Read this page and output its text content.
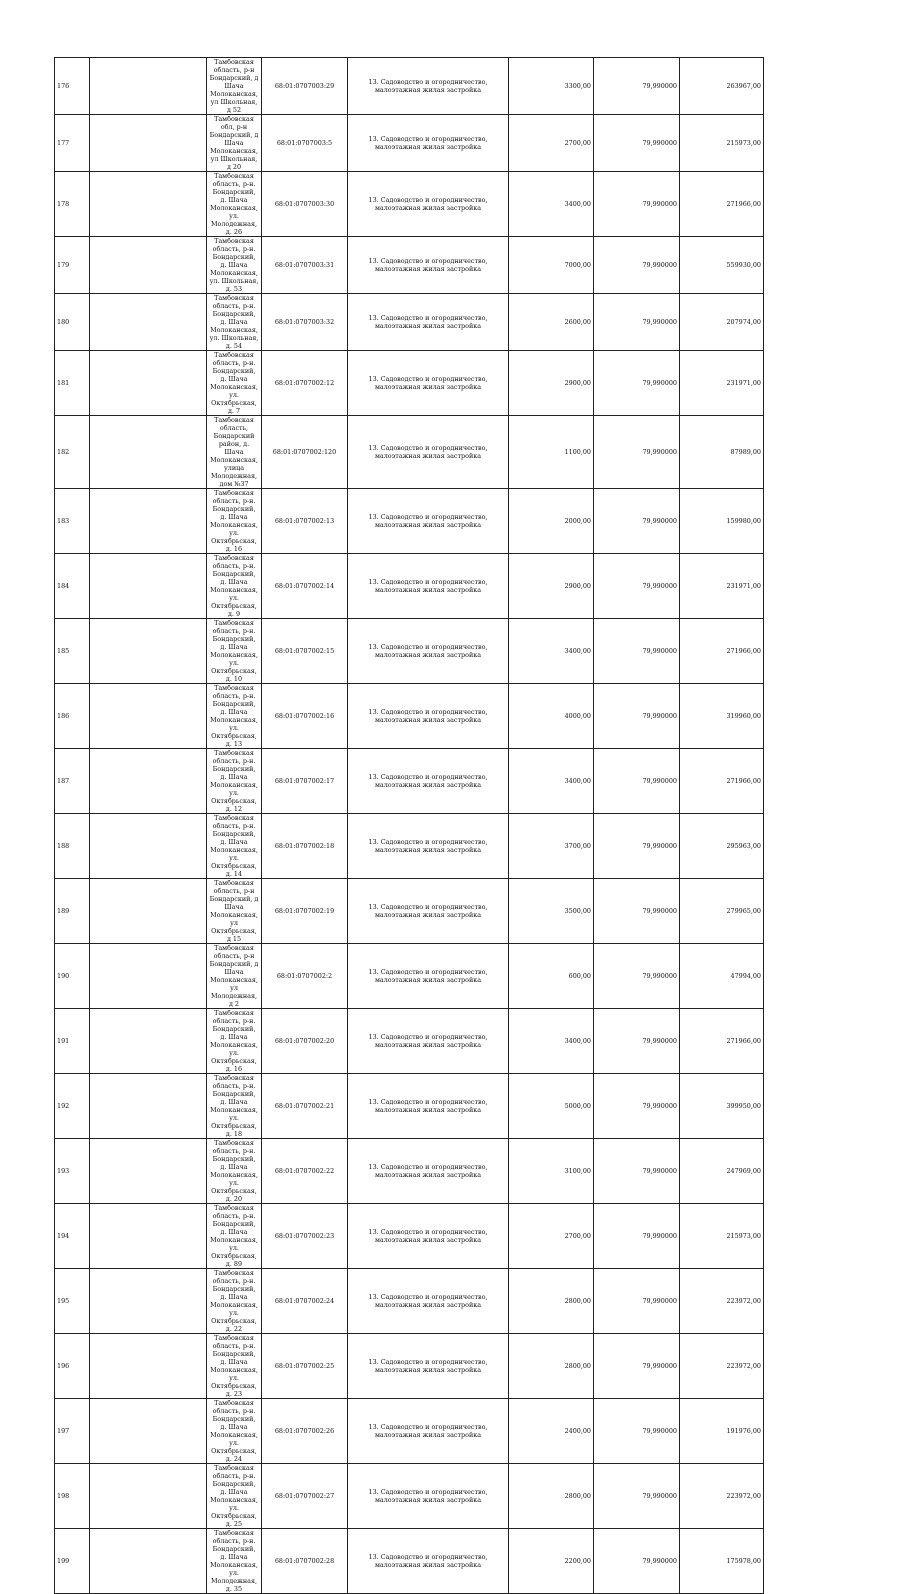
176		Тамбовская область, р-н Бондарский, д Шача Молоканская, ул Школьная, д 52	68:01:0707003:29	13. Садоводство и огородничество, малоэтажная жилая застройка	3300,00	79,990000	263967,00
177		Тамбовская обл, р-н Бондарский, д Шача Молоканская, ул Школьная, д 20	68:01:0707003:5	13. Садоводство и огородничество, малоэтажная жилая застройка	2700,00	79,990000	215973,00
178		Тамбовская область, р-н. Бондарский, д. Шача Молоканская, ул. Молодежная, д. 26	68:01:0707003:30	13. Садоводство и огородничество, малоэтажная жилая застройка	3400,00	79,990000	271966,00
179		Тамбовская область, р-н. Бондарский, д. Шача Молоканская, ул. Школьная, д. 53	68:01:0707003:31	13. Садоводство и огородничество, малоэтажная жилая застройка	7000,00	79,990000	559930,00
180		Тамбовская область, р-н. Бондарский, д. Шача Молоканская, ул. Школьная, д. 54	68:01:0707003:32	13. Садоводство и огородничество, малоэтажная жилая застройка	2600,00	79,990000	207974,00
181		Тамбовская область, р-н. Бондарский, д. Шача Молоканская, ул. Октябрьская, д. 7	68:01:0707002:12	13. Садоводство и огородничество, малоэтажная жилая застройка	2900,00	79,990000	231971,00
182		Тамбовская область, Бондарский район, д. Шача Молоканская, улица Молодежная, дом №37	68:01:0707002:120	13. Садоводство и огородничество, малоэтажная жилая застройка	1100,00	79,990000	87989,00
183		Тамбовская область, р-н. Бондарский, д. Шача Молоканская, ул. Октябрьская, д. 16	68:01:0707002:13	13. Садоводство и огородничество, малоэтажная жилая застройка	2000,00	79,990000	159980,00
184		Тамбовская область, р-н. Бондарский, д. Шача Молоканская, ул. Октябрьская, д. 9	68:01:0707002:14	13. Садоводство и огородничество, малоэтажная жилая застройка	2900,00	79,990000	231971,00
185		Тамбовская область, р-н. Бондарский, д. Шача Молоканская, ул. Октябрьская, д. 10	68:01:0707002:15	13. Садоводство и огородничество, малоэтажная жилая застройка	3400,00	79,990000	271966,00
186		Тамбовская область, р-н. Бондарский, д. Шача Молоканская, ул. Октябрьская, д. 13	68:01:0707002:16	13. Садоводство и огородничество, малоэтажная жилая застройка	4000,00	79,990000	319960,00
187		Тамбовская область, р-н. Бондарский, д. Шача Молоканская, ул. Октябрьская, д. 12	68:01:0707002:17	13. Садоводство и огородничество, малоэтажная жилая застройка	3400,00	79,990000	271966,00
188		Тамбовская область, р-н. Бондарский, д. Шача Молоканская, ул. Октябрьская, д. 14	68:01:0707002:18	13. Садоводство и огородничество, малоэтажная жилая застройка	3700,00	79,990000	295963,00
189		Тамбовская область, р-н Бондарский, д Шача Молоканская, ул Октябрьская, д 15	68:01:0707002:19	13. Садоводство и огородничество, малоэтажная жилая застройка	3500,00	79,990000	279965,00
190		Тамбовская область, р-н Бондарский, д Шача Молоканская, ул Молодежная, д 2	68:01:0707002:2	13. Садоводство и огородничество, малоэтажная жилая застройка	600,00	79,990000	47994,00
191		Тамбовская область, р-н. Бондарский, д. Шача Молоканская, ул. Октябрьская, д. 16	68:01:0707002:20	13. Садоводство и огородничество, малоэтажная жилая застройка	3400,00	79,990000	271966,00
192		Тамбовская область, р-н. Бондарский, д. Шача Молоканская, ул. Октябрьская, д. 18	68:01:0707002:21	13. Садоводство и огородничество, малоэтажная жилая застройка	5000,00	79,990000	399950,00
193		Тамбовская область, р-н. Бондарский, д. Шача Молоканская, ул. Октябрьская, д. 20	68:01:0707002:22	13. Садоводство и огородничество, малоэтажная жилая застройка	3100,00	79,990000	247969,00
194		Тамбовская область, р-н. Бондарский, д. Шача Молоканская, ул. Октябрьская, д. 89	68:01:0707002:23	13. Садоводство и огородничество, малоэтажная жилая застройка	2700,00	79,990000	215973,00
195		Тамбовская область, р-н. Бондарский, д. Шача Молоканская, ул. Октябрьская, д. 22	68:01:0707002:24	13. Садоводство и огородничество, малоэтажная жилая застройка	2800,00	79,990000	223972,00
196		Тамбовская область, р-н. Бондарский, д. Шача Молоканская, ул. Октябрьская, д. 23	68:01:0707002:25	13. Садоводство и огородничество, малоэтажная жилая застройка	2800,00	79,990000	223972,00
197		Тамбовская область, р-н. Бондарский, д. Шача Молоканская, ул. Октябрьская, д. 24	68:01:0707002:26	13. Садоводство и огородничество, малоэтажная жилая застройка	2400,00	79,990000	191976,00
198		Тамбовская область, р-н. Бондарский, д. Шача Молоканская, ул. Октябрьская, д. 25	68:01:0707002:27	13. Садоводство и огородничество, малоэтажная жилая застройка	2800,00	79,990000	223972,00
199		Тамбовская область, р-н. Бондарский, д. Шача Молоканская, ул. Молодежная, д. 35	68:01:0707002:28	13. Садоводство и огородничество, малоэтажная жилая застройка	2200,00	79,990000	175978,00
